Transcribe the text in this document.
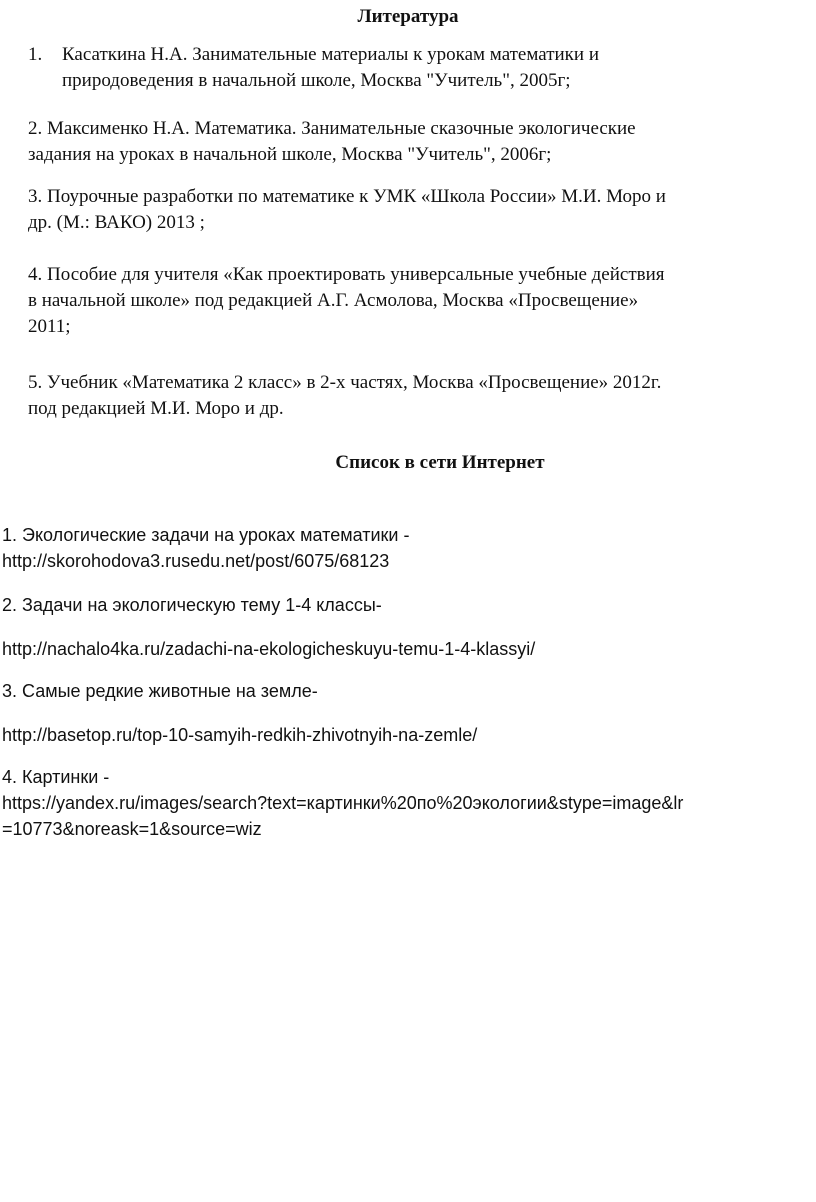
Литература
1. Касаткина Н.А. Занимательные материалы к урокам математики и
природоведения в начальной школе, Москва "Учитель", 2005г;
2. Максименко Н.А. Математика. Занимательные сказочные экологические
задания на уроках в начальной школе, Москва "Учитель", 2006г;
3. Поурочные разработки по математике к УМК «Школа России» М.И. Моро и
др. (М.: ВАКО) 2013 ;
4. Пособие для учителя «Как проектировать универсальные учебные действия
в начальной школе» под редакцией А.Г. Асмолова, Москва «Просвещение»
2011;
5. Учебник «Математика 2 класс» в 2-х частях, Москва «Просвещение» 2012г.
под редакцией М.И. Моро и др.
Список в сети Интернет
1. Экологические задачи на уроках математики -
http://skorohodova3.rusedu.net/post/6075/68123
2. Задачи на экологическую тему 1-4 классы-
http://nachalo4ka.ru/zadachi-na-ekologicheskuyu-temu-1-4-klassyi/
3. Самые редкие животные на земле-
http://basetop.ru/top-10-samyih-redkih-zhivotnyih-na-zemle/
4. Картинки -
https://yandex.ru/images/search?text=картинки%20по%20экологии&stype=image&lr
=10773&noreask=1&source=wiz
